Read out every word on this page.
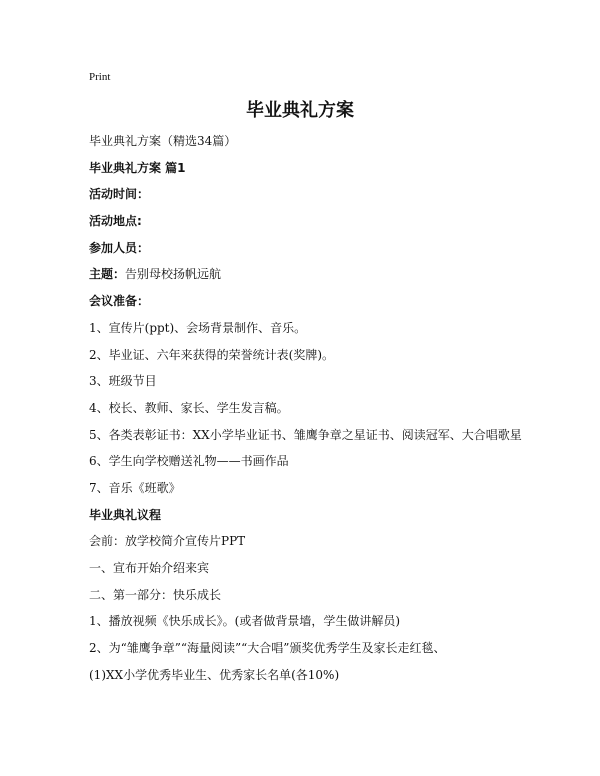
Print
毕业典礼方案
毕业典礼方案（精选34篇）
毕业典礼方案 篇1
活动时间：
活动地点:
参加人员：
主题：告别母校扬帆远航
会议准备：
1、宣传片(ppt)、会场背景制作、音乐。
2、毕业证、六年来获得的荣誉统计表(奖牌)。
3、班级节目
4、校长、教师、家长、学生发言稿。
5、各类表彰证书：XX小学毕业证书、雏鹰争章之星证书、阅读冠军、大合唱歌星
6、学生向学校赠送礼物——书画作品
7、音乐《班歌》
毕业典礼议程
会前：放学校简介宣传片PPT
一、宣布开始介绍来宾
二、第一部分：快乐成长
1、播放视频《快乐成长》。(或者做背景墙，学生做讲解员)
2、为“雏鹰争章”“海量阅读”“大合唱”颁奖优秀学生及家长走红毯、
(1)XX小学优秀毕业生、优秀家长名单(各10%)
